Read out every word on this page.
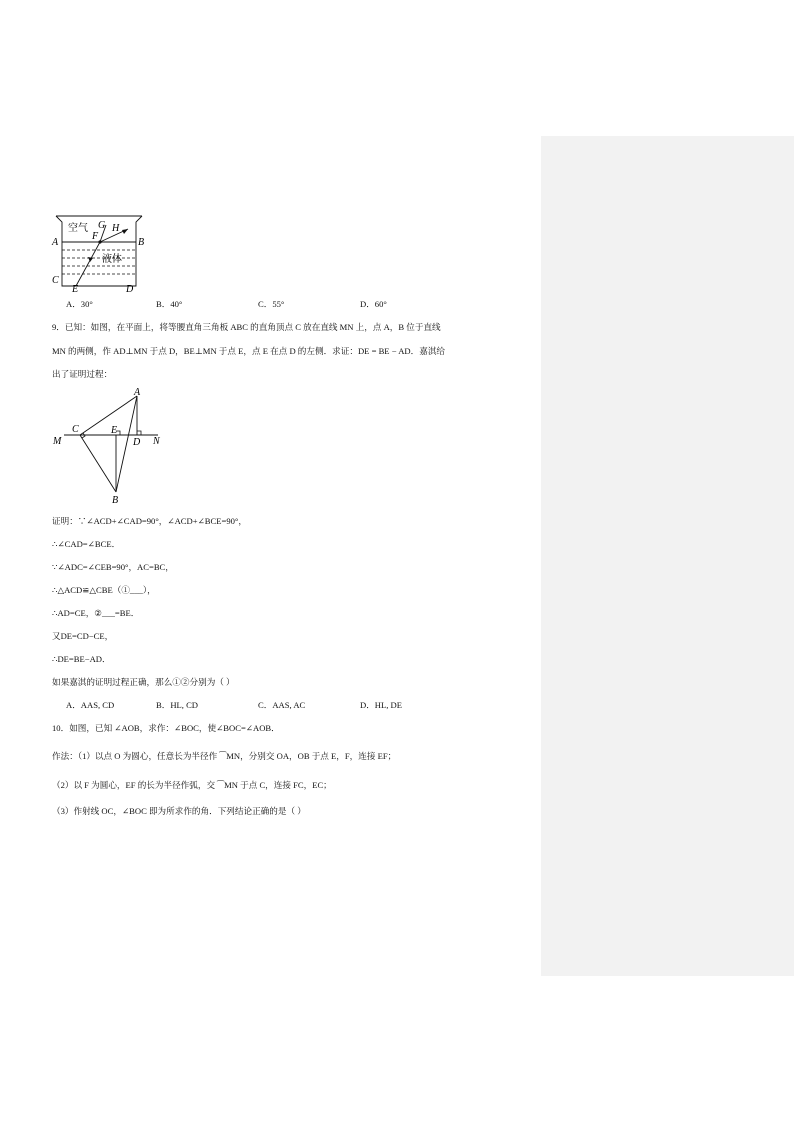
空气
液体
A	B
C
D
E
F
G H
A．30°	B．40°	C．55°	D．60°
9．已知：如图，在平面上，将等腰直角三角板 ABC 的直角顶点 C 放在直线 MN 上，点 A，B 位于直线
MN 的两侧，作 AD⊥MN 于点 D，BE⊥MN 于点 E，点 E 在点 D 的左侧．求证：DE = BE − AD．嘉淇给
出了证明过程：
A
B
C
D
E
M	N
证明：∵∠ACD+∠CAD=90°，∠ACD+∠BCE=90°，
∴∠CAD=∠BCE．
∵∠ADC=∠CEB=90°，AC=BC，
∴△ACD≌△CBE（①___），
∴AD=CE，②___=BE．
又DE=CD−CE，
∴DE=BE−AD．
如果嘉淇的证明过程正确，那么①②分别为（ ）
A．AAS, CD	B．HL, CD	C．AAS, AC	D．HL, DE
10．如图，已知 ∠AOB，求作：∠BOC，使∠BOC=∠AOB．
作法：（1）以点 O 为圆心，任意长为半径作 ⁀MN，分别交 OA，OB 于点 E，F，连接 EF；
（2）以 F 为圆心，EF 的长为半径作弧，交 ⁀MN 于点 C，连接 FC，EC；
（3）作射线 OC，∠BOC 即为所求作的角．下列结论正确的是（ ）
